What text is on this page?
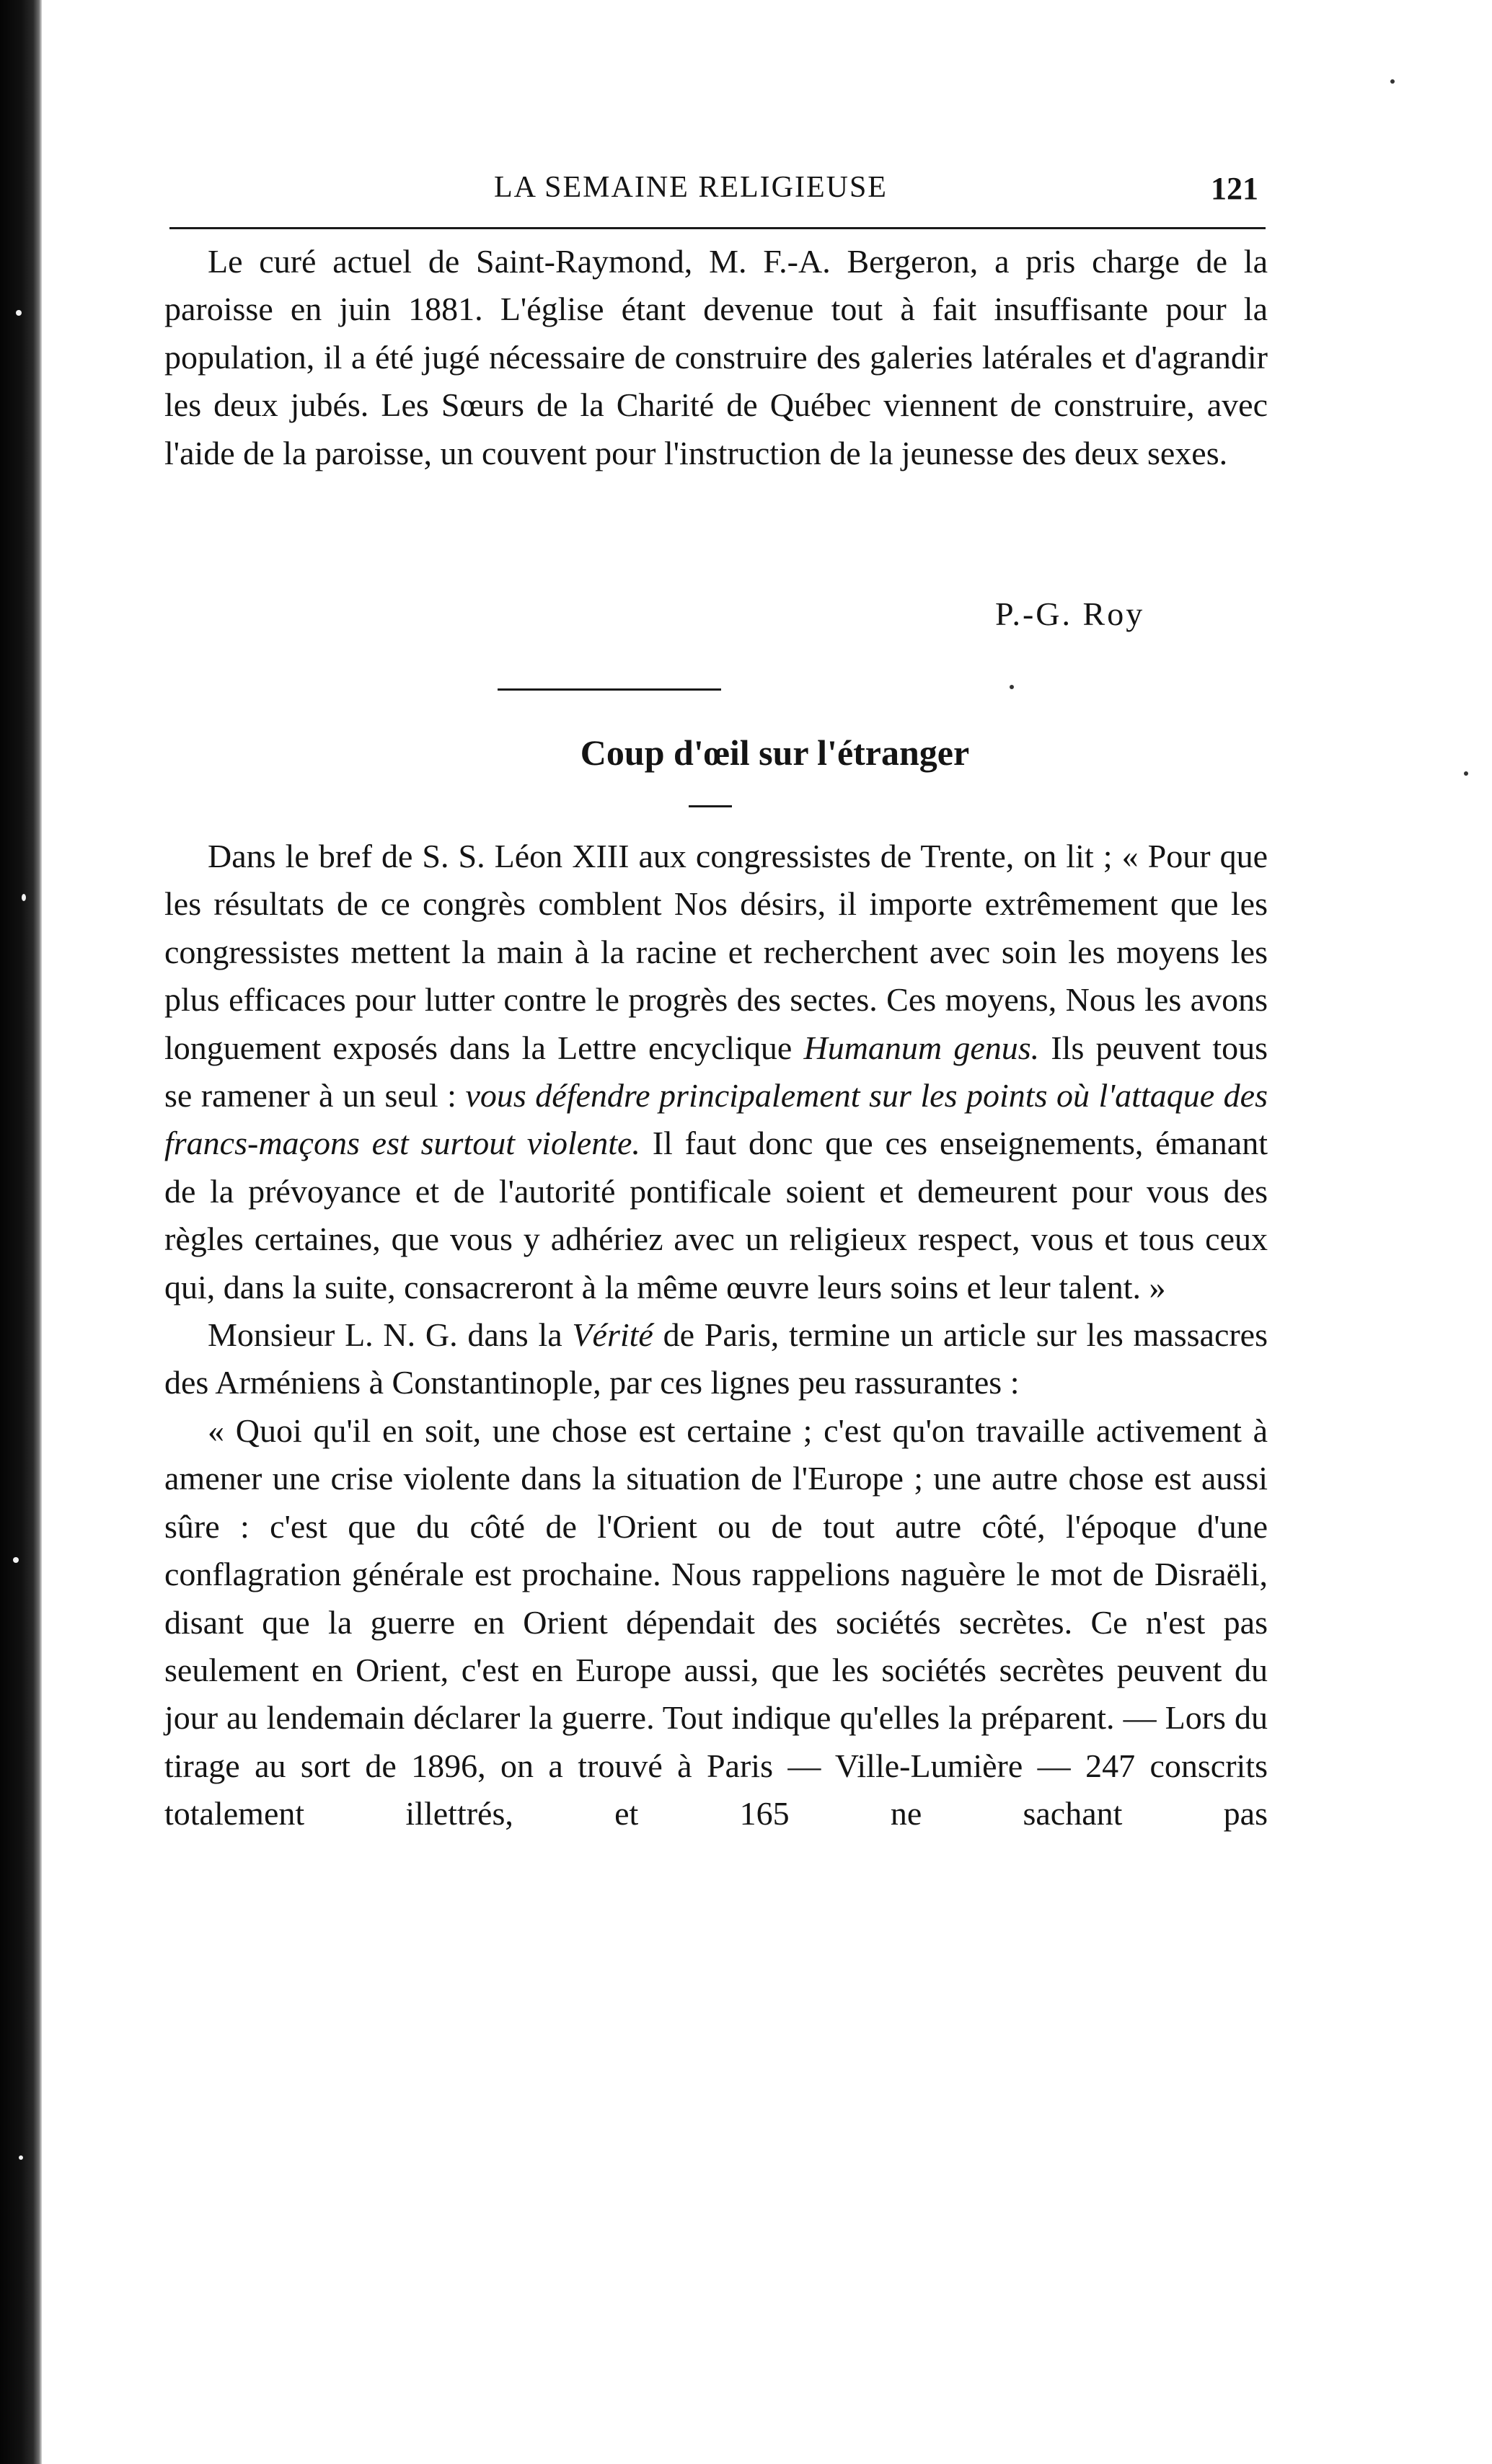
LA SEMAINE RELIGIEUSE	121

Le curé actuel de Saint-Raymond, M. F.-A. Bergeron, a pris charge de la paroisse en juin 1881. L'église étant devenue tout à fait insuffisante pour la population, il a été jugé nécessaire de construire des galeries latérales et d'agrandir les deux jubés. Les Sœurs de la Charité de Québec viennent de construire, avec l'aide de la paroisse, un couvent pour l'instruction de la jeunesse des deux sexes.

P.-G. Roy
Coup d'œil sur l'étranger

Dans le bref de S. S. Léon XIII aux congressistes de Trente, on lit ; « Pour que les résultats de ce congrès comblent Nos désirs, il importe extrêmement que les congressistes mettent la main à la racine et recherchent avec soin les moyens les plus efficaces pour lutter contre le progrès des sectes. Ces moyens, Nous les avons longuement exposés dans la Lettre encyclique Humanum genus. Ils peuvent tous se ramener à un seul : vous défendre principalement sur les points où l'attaque des francs-maçons est surtout violente. Il faut donc que ces enseignements, émanant de la prévoyance et de l'autorité pontificale soient et demeurent pour vous des règles certaines, que vous y adhériez avec un religieux respect, vous et tous ceux qui, dans la suite, consacreront à la même œuvre leurs soins et leur talent. »

Monsieur L. N. G. dans la Vérité de Paris, termine un article sur les massacres des Arméniens à Constantinople, par ces lignes peu rassurantes :

« Quoi qu'il en soit, une chose est certaine ; c'est qu'on travaille activement à amener une crise violente dans la situation de l'Europe ; une autre chose est aussi sûre : c'est que du côté de l'Orient ou de tout autre côté, l'époque d'une conflagration générale est prochaine. Nous rappelions naguère le mot de Disraëli, disant que la guerre en Orient dépendait des sociétés secrètes. Ce n'est pas seulement en Orient, c'est en Europe aussi, que les sociétés secrètes peuvent du jour au lendemain déclarer la guerre. Tout indique qu'elles la préparent. — Lors du tirage au sort de 1896, on a trouvé à Paris — Ville-Lumière — 247 conscrits totalement illettrés, et 165 ne sachant pas
